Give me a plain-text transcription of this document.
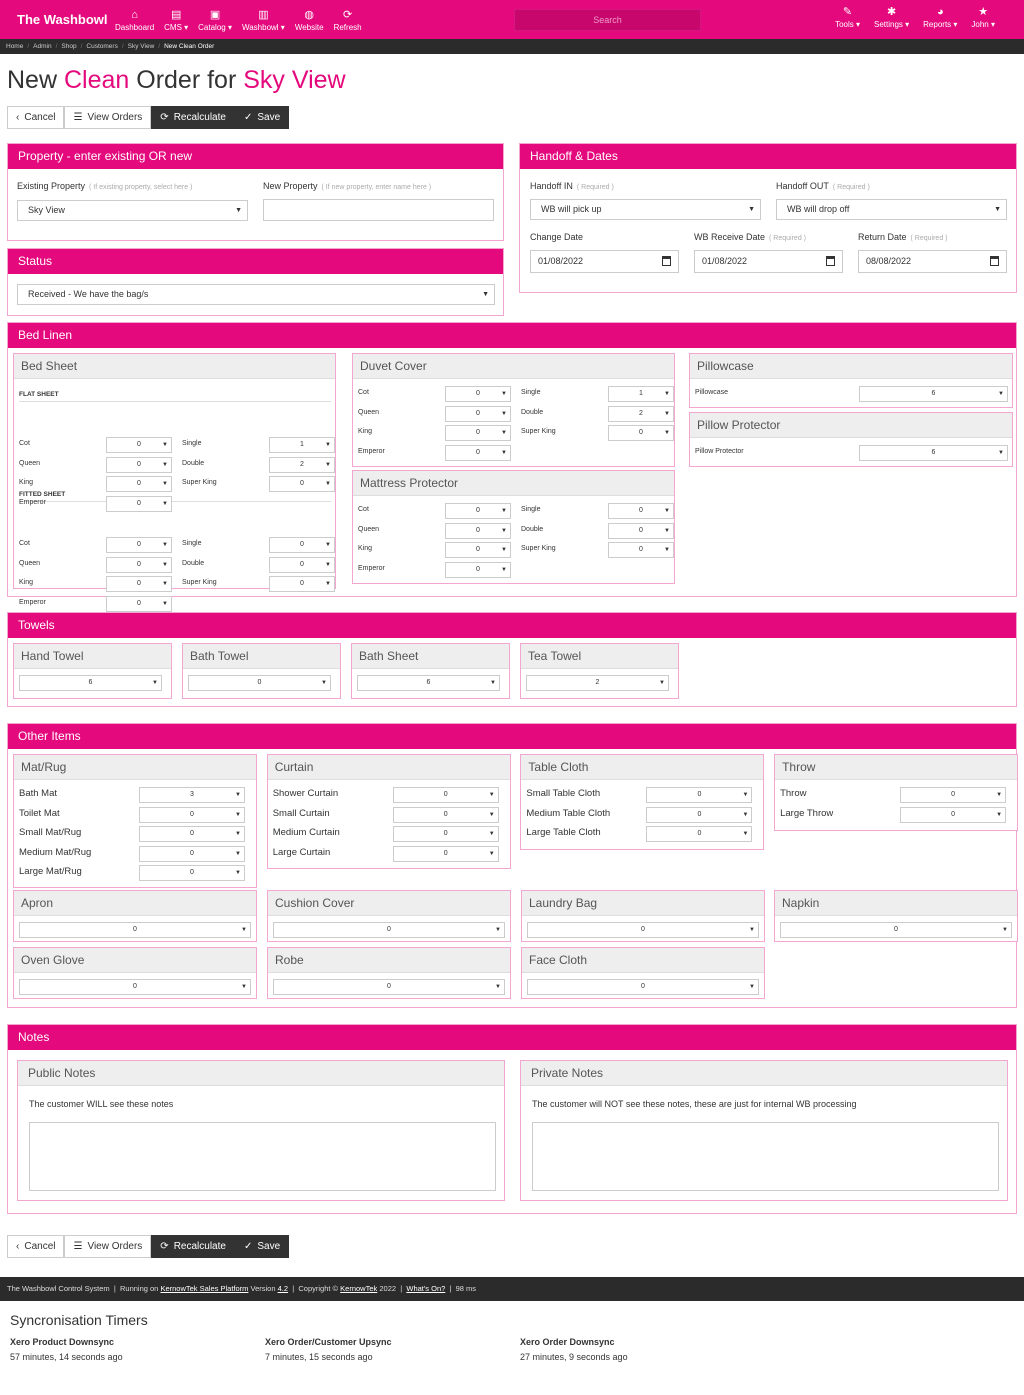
The Washbowl ⌂
Dashboard
▤
CMS ▾
▣
Catalog ▾
▥
Washbowl ▾
◍
Website
⟳
Refresh
Search
✎
Tools ▾
✱
Settings ▾
◕
Reports ▾
★
John ▾
Home / Admin / Shop / Customers / Sky View / New Clean Order
New Clean Order for Sky View
‹ Cancel ☰ View Orders ⟳ Recalculate ✓ Save
Property - enter existing OR new
Existing Property ( If existing property, select here )
Sky View	▼
New Property ( If new property, enter name here )
Status
Received - We have the bag/s	▼
Handoff & Dates
Handoff IN ( Required )
WB will pick up	▼
Handoff OUT ( Required )
WB will drop off	▼
Change Date
01/08/2022
WB Receive Date ( Required )
01/08/2022
Return Date ( Required )
08/08/2022
Bed Linen
Bed Sheet
FLAT SHEET
FITTED SHEET
Cot	0	▼ Single	1	▼
Queen	0	▼ Double	2	▼
King	0	▼ Super King	0	▼
Emperor	0	▼
Cot	0	▼ Single	0	▼
Queen	0	▼ Double	0	▼
King	0	▼ Super King	0	▼
Emperor	0	▼
Duvet Cover
Cot	0	▼ Single	1	▼
Queen	0	▼ Double	2	▼
King	0	▼ Super King	0	▼
Emperor	0	▼
Mattress Protector
Cot	0	▼ Single	0	▼
Queen	0	▼ Double	0	▼
King	0	▼ Super King	0	▼
Emperor	0	▼
Pillowcase
Pillowcase	6	▼
Pillow Protector
Pillow Protector	6	▼
Towels
Hand Towel
6	▼
Bath Towel
0	▼
Bath Sheet
6	▼
Tea Towel
2	▼
Other Items
Mat/Rug
Bath Mat	3	▼
Toilet Mat	0	▼
Small Mat/Rug	0	▼
Medium Mat/Rug	0	▼
Large Mat/Rug	0	▼
Curtain
Shower Curtain	0	▼
Small Curtain	0	▼
Medium Curtain	0	▼
Large Curtain	0	▼
Table Cloth
Small Table Cloth	0	▼
Medium Table Cloth	0	▼
Large Table Cloth	0	▼
Throw
Throw	0	▼
Large Throw	0	▼
Apron
0	▼
Cushion Cover
0	▼
Laundry Bag
0	▼
Napkin
0	▼
Oven Glove
0	▼
Robe
0	▼
Face Cloth
0	▼
Notes
Public Notes
The customer WILL see these notes
Private Notes
The customer will NOT see these notes, these are just for internal WB processing
‹ Cancel ☰ View Orders ⟳ Recalculate ✓ Save
The Washbowl Control System  |  Running on KernowTek Sales Platform Version 4.2  |  Copyright © KernowTek 2022  |  What's On?  |  98 ms
Syncronisation Timers
Xero Product Downsync
57 minutes, 14 seconds ago
Xero Order/Customer Upsync
7 minutes, 15 seconds ago
Xero Order Downsync
27 minutes, 9 seconds ago
